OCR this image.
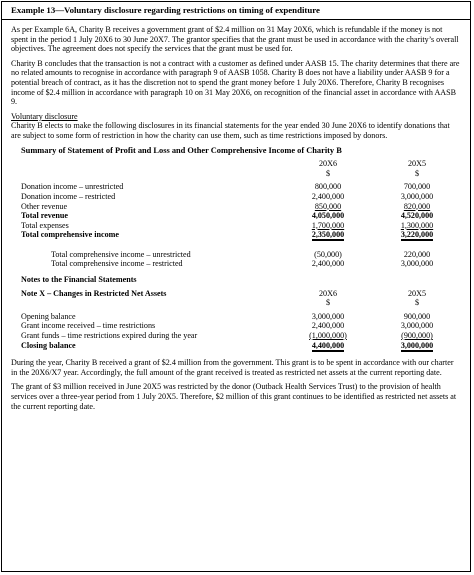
Example 13—Voluntary disclosure regarding restrictions on timing of expenditure

As per Example 6A, Charity B receives a government grant of $2.4 million on 31 May 20X6, which is refundable if the money is not spent in the period 1 July 20X6 to 30 June 20X7. The grantor specifies that the grant must be used in accordance with the charity’s overall objectives. The agreement does not specify the services that the grant must be used for.

Charity B concludes that the transaction is not a contract with a customer as defined under AASB 15. The charity determines that there are no related amounts to recognise in accordance with paragraph 9 of AASB 1058. Charity B does not have a liability under AASB 9 for a potential breach of contract, as it has the discretion not to spend the grant money before 1 July 20X6. Therefore, Charity B recognises income of $2.4 million in accordance with paragraph 10 on 31 May 20X6, on recognition of the financial asset in accordance with AASB 9.

Voluntary disclosure

Charity B elects to make the following disclosures in its financial statements for the year ended 30 June 20X6 to identify donations that are subject to some form of restriction in how the charity can use them, such as time restrictions imposed by donors.

Summary of Statement of Profit and Loss and Other Comprehensive Income of Charity B
20X6	20X5
$	$
Donation income – unrestricted	800,000	700,000
Donation income – restricted	2,400,000	3,000,000
Other revenue	850,000	820,000
Total revenue	4,050,000	4,520,000
Total expenses	1,700,000	1,300,000
Total comprehensive income	2,350,000	3,220,000
Total comprehensive income – unrestricted	(50,000)	220,000
Total comprehensive income – restricted	2,400,000	3,000,000
Notes to the Financial Statements
Note X – Changes in Restricted Net Assets	20X6	20X5
$	$
Opening balance	3,000,000	900,000
Grant income received – time restrictions	2,400,000	3,000,000
Grant funds – time restrictions expired during the year	(1,000,000)	(900,000)
Closing balance	4,400,000	3,000,000

During the year, Charity B received a grant of $2.4 million from the government. This grant is to be spent in accordance with our charter in the 20X6/X7 year. Accordingly, the full amount of the grant received is treated as restricted net assets at the current reporting date.

The grant of $3 million received in June 20X5 was restricted by the donor (Outback Health Services Trust) to the provision of health services over a three-year period from 1 July 20X5. Therefore, $2 million of this grant continues to be identified as restricted net assets at the current reporting date.
